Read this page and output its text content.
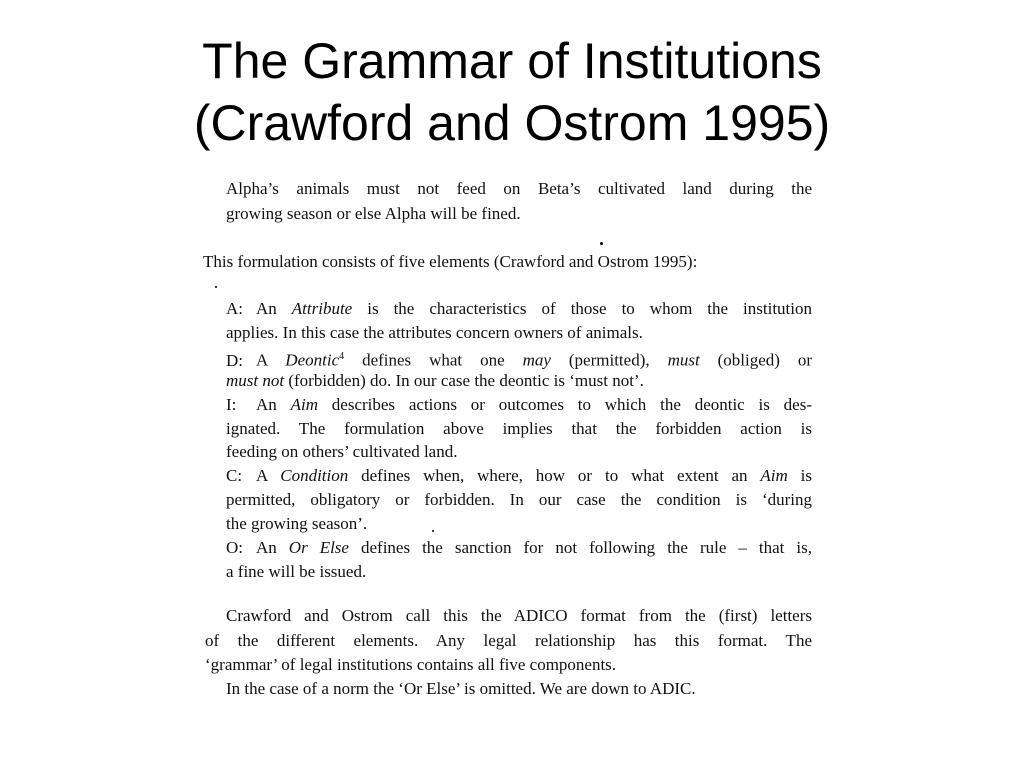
The Grammar of Institutions
(Crawford and Ostrom 1995)
Alpha’s animals must not feed on Beta’s cultivated land during the
growing season or else Alpha will be fined.
This formulation consists of five elements (Crawford and Ostrom 1995):
A: An Attribute is the characteristics of those to whom the institution
applies. In this case the attributes concern owners of animals.
D: A Deontic$^4$ defines what one may (permitted), must (obliged) or
must not (forbidden) do. In our case the deontic is ‘must not’.
I: An Aim describes actions or outcomes to which the deontic is des-
ignated. The formulation above implies that the forbidden action is
feeding on others’ cultivated land.
C: A Condition defines when, where, how or to what extent an Aim is
permitted, obligatory or forbidden. In our case the condition is ‘during
the growing season’.
O: An Or Else defines the sanction for not following the rule – that is,
a fine will be issued.
Crawford and Ostrom call this the ADICO format from the (first) letters
of the different elements. Any legal relationship has this format. The
‘grammar’ of legal institutions contains all five components.
In the case of a norm the ‘Or Else’ is omitted. We are down to ADIC.
